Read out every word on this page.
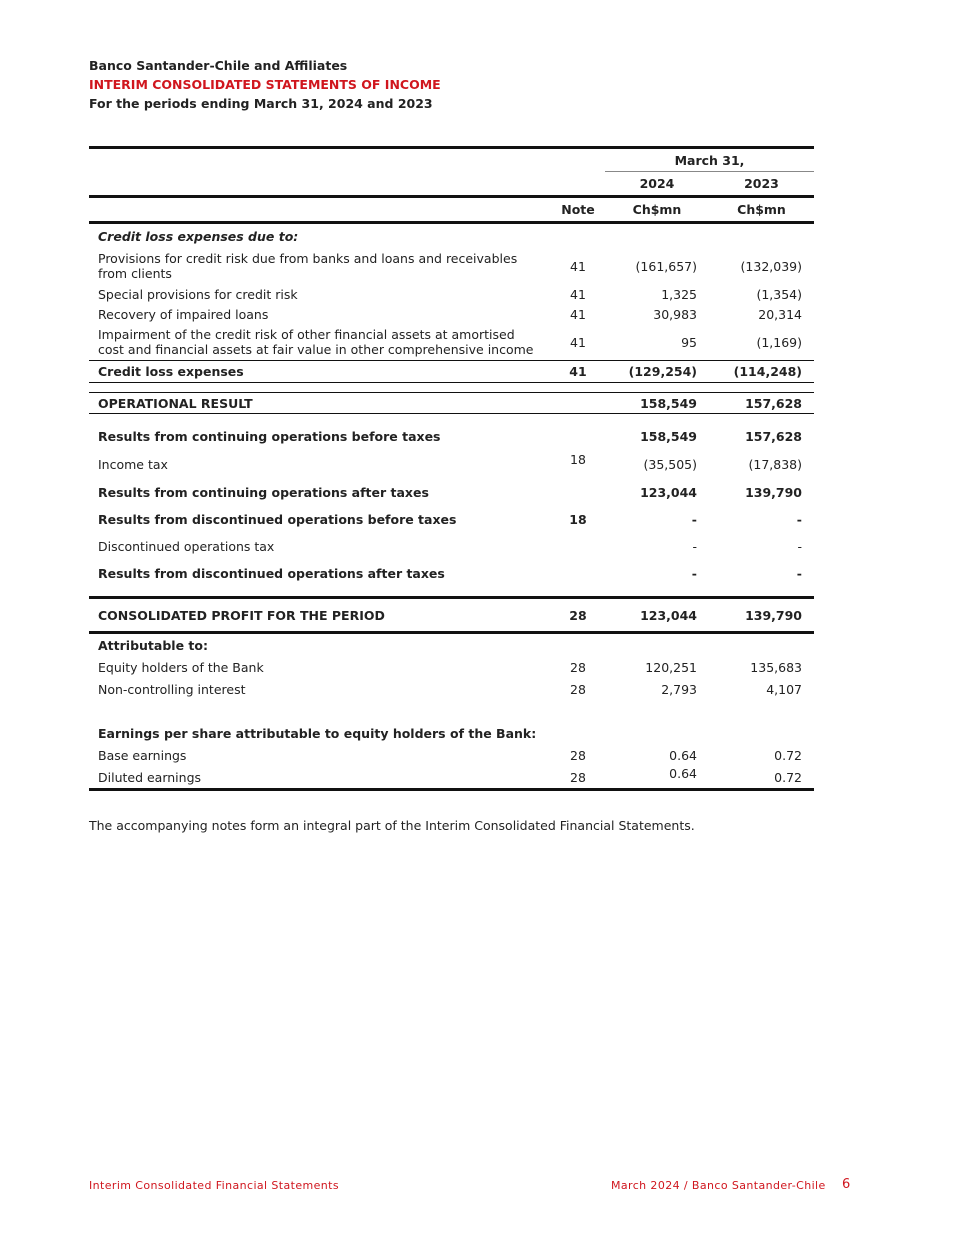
Banco Santander-Chile and Affiliates
INTERIM CONSOLIDATED STATEMENTS OF INCOME
For the periods ending March 31, 2024 and 2023
		March 31,	
		2024	2023
	Note	Ch$mn	Ch$mn
Credit loss expenses due to:			
Provisions for credit risk due from banks and loans and receivables from clients	41	(161,657)	(132,039)
Special provisions for credit risk	41	1,325	(1,354)
Recovery of impaired loans	41	30,983	20,314
Impairment of the credit risk of other financial assets at amortised cost and financial assets at fair value in other comprehensive income	41	95	(1,169)
Credit loss expenses	41	(129,254)	(114,248)

OPERATIONAL RESULT		158,549	157,628

Results from continuing operations before taxes		158,549	157,628
Income tax	18	(35,505)	(17,838)
Results from continuing operations after taxes		123,044	139,790
Results from discontinued operations before taxes	18	-	-
Discontinued operations tax		-	-
Results from discontinued operations after taxes		-	-

CONSOLIDATED PROFIT FOR THE PERIOD	28	123,044	139,790
Attributable to:			
Equity holders of the Bank	28	120,251	135,683
Non-controlling interest	28	2,793	4,107

Earnings per share attributable to equity holders of the Bank:			
Base earnings	28	0.64	0.72
Diluted earnings	28	0.64	0.72
The accompanying notes form an integral part of the Interim Consolidated Financial Statements.
Interim Consolidated Financial Statements	March 2024 / Banco Santander-Chile 6
